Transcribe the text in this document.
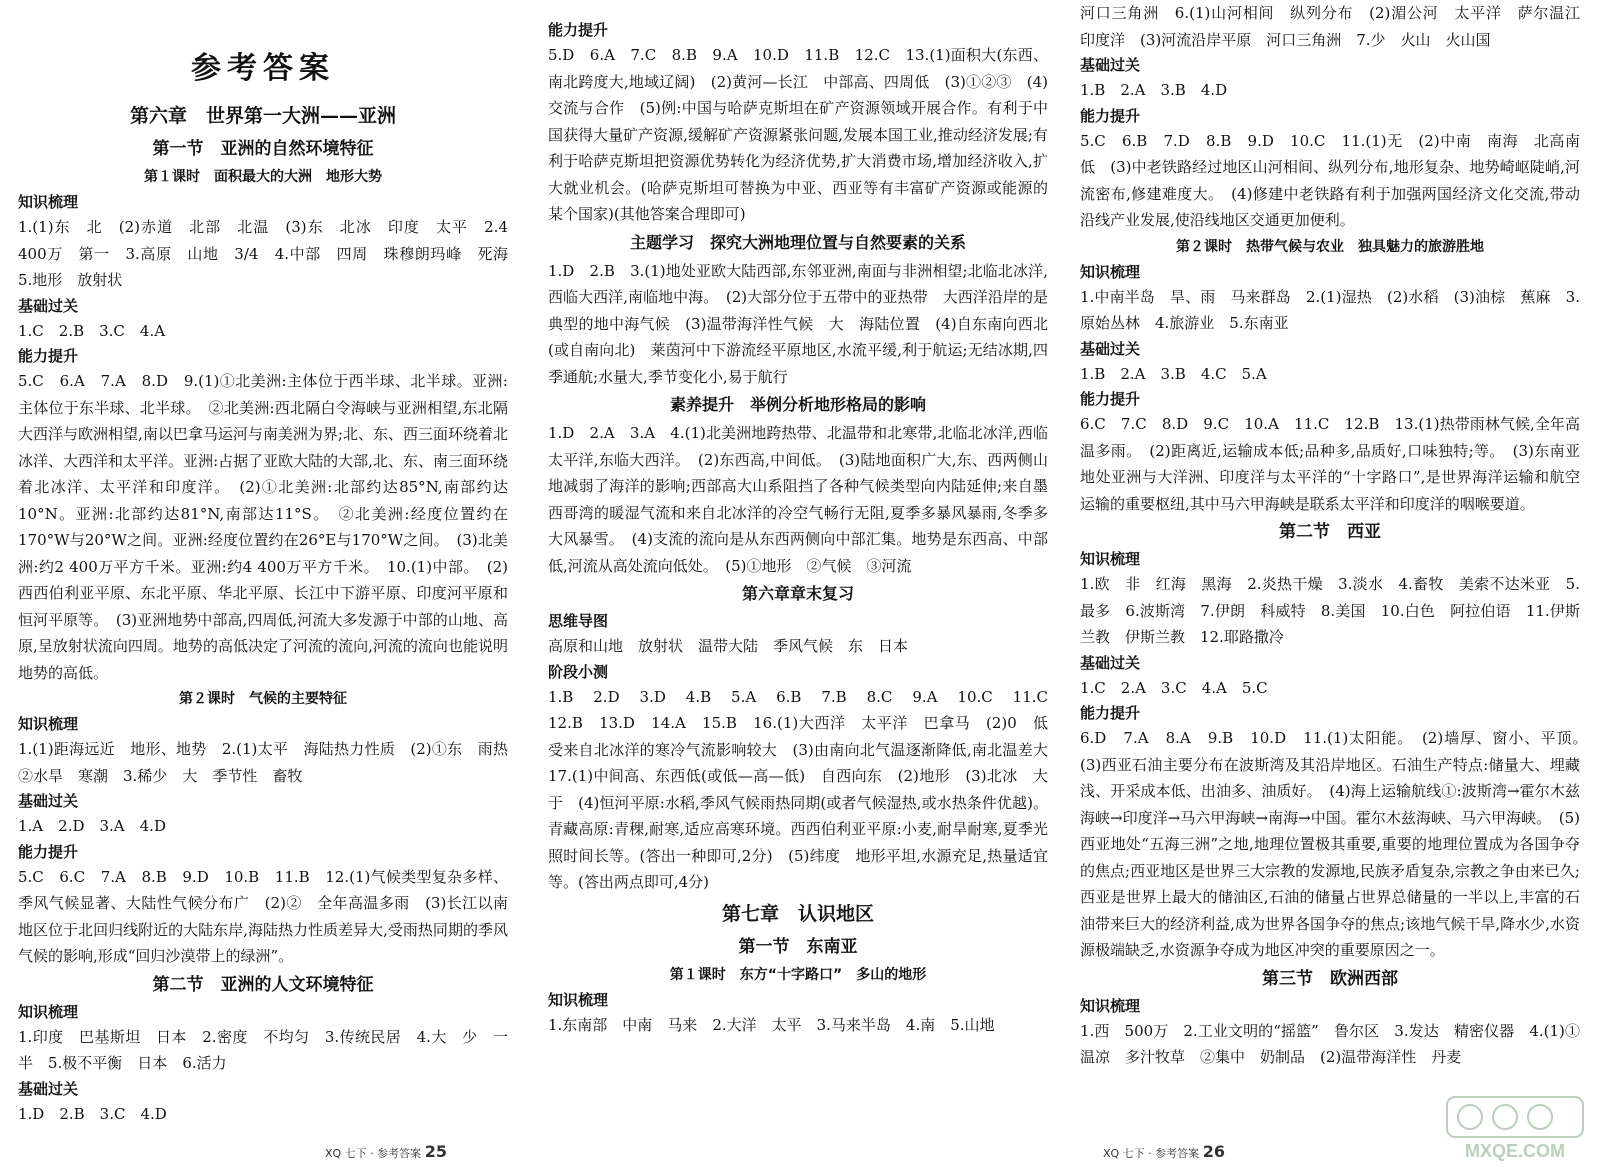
参考答案
第六章　世界第一大洲——亚洲
第一节　亚洲的自然环境特征
第１课时　面积最大的大洲　地形大势
知识梳理

1.(1)东　北　(2)赤道　北部　北温　(3)东　北冰　印度　太平　2.4 400万　第一　3.高原　山地　3/4　4.中部　四周　珠穆朗玛峰　死海　5.地形　放射状

基础过关

1.C　2.B　3.C　4.A

能力提升

5.C　6.A　7.A　8.D　9.(1)①北美洲:主体位于西半球、北半球。亚洲:主体位于东半球、北半球。　②北美洲:西北隔白令海峡与亚洲相望,东北隔大西洋与欧洲相望,南以巴拿马运河与南美洲为界;北、东、西三面环绕着北冰洋、大西洋和太平洋。亚洲:占据了亚欧大陆的大部,北、东、南三面环绕着北冰洋、太平洋和印度洋。　(2)①北美洲:北部约达85°N,南部约达10°N。亚洲:北部约达81°N,南部达11°S。　②北美洲:经度位置约在170°W与20°W之间。亚洲:经度位置约在26°E与170°W之间。　(3)北美洲:约2 400万平方千米。亚洲:约4 400万平方千米。　10.(1)中部。　(2)西西伯利亚平原、东北平原、华北平原、长江中下游平原、印度河平原和恒河平原等。　(3)亚洲地势中部高,四周低,河流大多发源于中部的山地、高原,呈放射状流向四周。地势的高低决定了河流的流向,河流的流向也能说明地势的高低。

第２课时　气候的主要特征
知识梳理

1.(1)距海远近　地形、地势　2.(1)太平　海陆热力性质　(2)①东　雨热　②水旱　寒潮　3.稀少　大　季节性　畜牧

基础过关

1.A　2.D　3.A　4.D

能力提升

5.C　6.C　7.A　8.B　9.D　10.B　11.B　12.(1)气候类型复杂多样、季风气候显著、大陆性气候分布广　(2)②　全年高温多雨　(3)长江以南地区位于北回归线附近的大陆东岸,海陆热力性质差异大,受雨热同期的季风气候的影响,形成“回归沙漠带上的绿洲”。

第二节　亚洲的人文环境特征
知识梳理

1.印度　巴基斯坦　日本　2.密度　不均匀　3.传统民居　4.大　少　一半　5.极不平衡　日本　6.活力

基础过关

1.D　2.B　3.C　4.D

能力提升

5.D　6.A　7.C　8.B　9.A　10.D　11.B　12.C　13.(1)面积大(东西、南北跨度大,地域辽阔)　(2)黄河—长江　中部高、四周低　(3)①②③　(4)交流与合作　(5)例:中国与哈萨克斯坦在矿产资源领域开展合作。有利于中国获得大量矿产资源,缓解矿产资源紧张问题,发展本国工业,推动经济发展;有利于哈萨克斯坦把资源优势转化为经济优势,扩大消费市场,增加经济收入,扩大就业机会。(哈萨克斯坦可替换为中亚、西亚等有丰富矿产资源或能源的某个国家)(其他答案合理即可)

主题学习　探究大洲地理位置与自然要素的关系

1.D　2.B　3.(1)地处亚欧大陆西部,东邻亚洲,南面与非洲相望;北临北冰洋,西临大西洋,南临地中海。　(2)大部分位于五带中的亚热带　大西洋沿岸的是典型的地中海气候　(3)温带海洋性气候　大　海陆位置　(4)自东南向西北(或自南向北)　莱茵河中下游流经平原地区,水流平缓,利于航运;无结冰期,四季通航;水量大,季节变化小,易于航行

素养提升　举例分析地形格局的影响

1.D　2.A　3.A　4.(1)北美洲地跨热带、北温带和北寒带,北临北冰洋,西临太平洋,东临大西洋。　(2)东西高,中间低。　(3)陆地面积广大,东、西两侧山地减弱了海洋的影响;西部高大山系阻挡了各种气候类型向内陆延伸;来自墨西哥湾的暖湿气流和来自北冰洋的冷空气畅行无阻,夏季多暴风暴雨,冬季多大风暴雪。　(4)支流的流向是从东西两侧向中部汇集。地势是东西高、中部低,河流从高处流向低处。　(5)①地形　②气候　③河流

第六章章末复习
思维导图

高原和山地　放射状　温带大陆　季风气候　东　日本

阶段小测

1.B　2.D　3.D　4.B　5.A　6.B　7.B　8.C　9.A　10.C　11.C　12.B　13.D　14.A　15.B　16.(1)大西洋　太平洋　巴拿马　(2)0　低　受来自北冰洋的寒冷气流影响较大　(3)由南向北气温逐渐降低,南北温差大　17.(1)中间高、东西低(或低—高—低)　自西向东　(2)地形　(3)北冰　大于　(4)恒河平原:水稻,季风气候雨热同期(或者气候湿热,或水热条件优越)。青藏高原:青稞,耐寒,适应高寒环境。西西伯利亚平原:小麦,耐旱耐寒,夏季光照时间长等。(答出一种即可,2分)　(5)纬度　地形平坦,水源充足,热量适宜等。(答出两点即可,4分)

第七章　认识地区
第一节　东南亚
第１课时　东方“十字路口”　多山的地形
知识梳理

1.东南部　中南　马来　2.大洋　太平　3.马来半岛　4.南　5.山地

河口三角洲　6.(1)山河相间　纵列分布　(2)湄公河　太平洋　萨尔温江　印度洋　(3)河流沿岸平原　河口三角洲　7.少　火山　火山国

基础过关

1.B　2.A　3.B　4.D

能力提升

5.C　6.B　7.D　8.B　9.D　10.C　11.(1)无　(2)中南　南海　北高南低　(3)中老铁路经过地区山河相间、纵列分布,地形复杂、地势崎岖陡峭,河流密布,修建难度大。　(4)修建中老铁路有利于加强两国经济文化交流,带动沿线产业发展,使沿线地区交通更加便利。

第２课时　热带气候与农业　独具魅力的旅游胜地
知识梳理

1.中南半岛　旱、雨　马来群岛　2.(1)湿热　(2)水稻　(3)油棕　蕉麻　3.原始丛林　4.旅游业　5.东南亚

基础过关

1.B　2.A　3.B　4.C　5.A

能力提升

6.C　7.C　8.D　9.C　10.A　11.C　12.B　13.(1)热带雨林气候,全年高温多雨。　(2)距离近,运输成本低;品种多,品质好,口味独特;等。　(3)东南亚地处亚洲与大洋洲、印度洋与太平洋的“十字路口”,是世界海洋运输和航空运输的重要枢纽,其中马六甲海峡是联系太平洋和印度洋的咽喉要道。

第二节　西亚
知识梳理

1.欧　非　红海　黑海　2.炎热干燥　3.淡水　4.畜牧　美索不达米亚　5.最多　6.波斯湾　7.伊朗　科威特　8.美国　10.白色　阿拉伯语　11.伊斯兰教　伊斯兰教　12.耶路撒冷

基础过关

1.C　2.A　3.C　4.A　5.C

能力提升

6.D　7.A　8.A　9.B　10.D　11.(1)太阳能。　(2)墙厚、窗小、平顶。　(3)西亚石油主要分布在波斯湾及其沿岸地区。石油生产特点:储量大、埋藏浅、开采成本低、出油多、油质好。　(4)海上运输航线①:波斯湾→霍尔木兹海峡→印度洋→马六甲海峡→南海→中国。霍尔木兹海峡、马六甲海峡。　(5)西亚地处“五海三洲”之地,地理位置极其重要,重要的地理位置成为各国争夺的焦点;西亚地区是世界三大宗教的发源地,民族矛盾复杂,宗教之争由来已久;西亚是世界上最大的储油区,石油的储量占世界总储量的一半以上,丰富的石油带来巨大的经济利益,成为世界各国争夺的焦点;该地气候干旱,降水少,水资源极端缺乏,水资源争夺成为地区冲突的重要原因之一。

第三节　欧洲西部
知识梳理

1.西　500万　2.工业文明的“摇篮”　鲁尔区　3.发达　精密仪器　4.(1)①温凉　多汁牧草　②集中　奶制品　(2)温带海洋性　丹麦

XQ 七下 · 参考答案 25	XQ 七下 · 参考答案 26	MXQE.COM
